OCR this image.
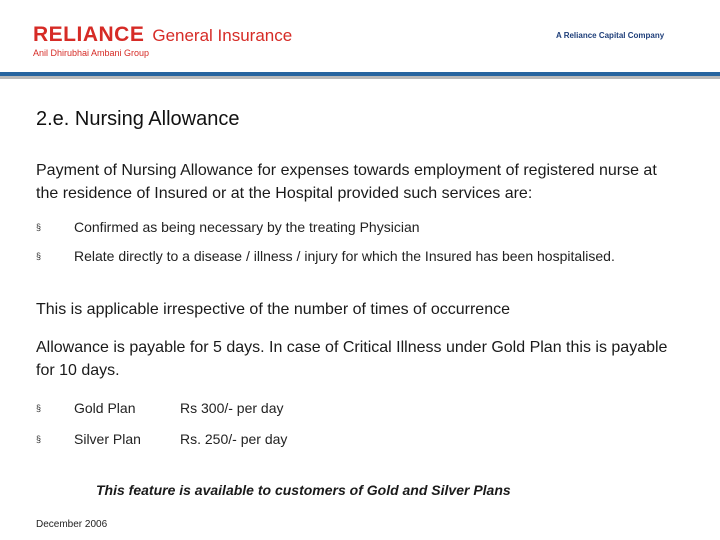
RELIANCE General Insurance
Anil Dhirubhai Ambani Group
A Reliance Capital Company
2.e. Nursing Allowance
Payment of Nursing Allowance for expenses towards employment of registered nurse at the residence of Insured or at the Hospital provided such services are:
§	Confirmed as being necessary by the treating Physician
§	Relate directly to a disease / illness / injury for which the Insured has been hospitalised.
This is applicable irrespective of the number of times of occurrence
Allowance is payable for 5 days. In case of Critical Illness under Gold Plan this is payable for 10 days.
§	Gold Plan	Rs 300/- per day
§	Silver Plan	Rs. 250/- per day
This feature is available to customers of Gold and Silver Plans
December 2006
